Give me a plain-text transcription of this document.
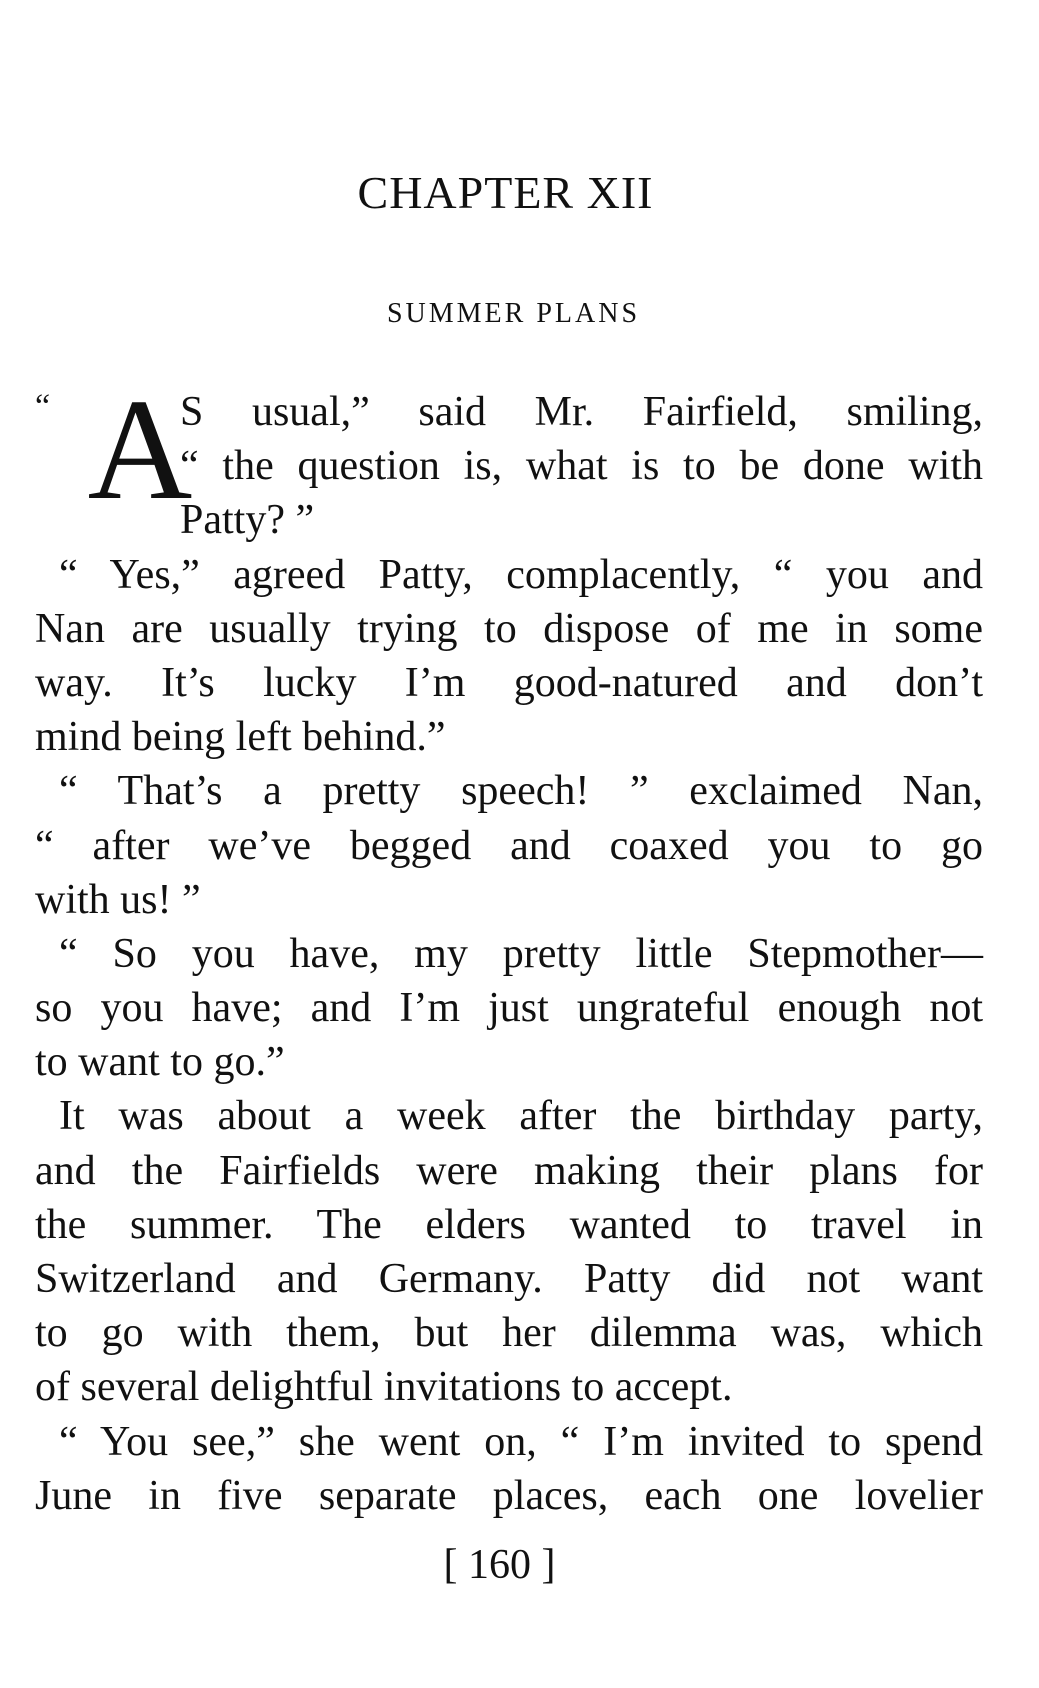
CHAPTER XII
SUMMER PLANS
“ A
S usual,” said Mr. Fairfield, smiling,
“ the question is, what is to be done with
Patty? ”
“ Yes,” agreed Patty, complacently, “ you and
Nan are usually trying to dispose of me in some
way. It’s lucky I’m good-natured and don’t
mind being left behind.”
“ That’s a pretty speech! ” exclaimed Nan,
“ after we’ve begged and coaxed you to go
with us! ”
“ So you have, my pretty little Stepmother—
so you have; and I’m just ungrateful enough not
to want to go.”
It was about a week after the birthday party,
and the Fairfields were making their plans for
the summer. The elders wanted to travel in
Switzerland and Germany. Patty did not want
to go with them, but her dilemma was, which
of several delightful invitations to accept.
“ You see,” she went on, “ I’m invited to spend
June in five separate places, each one lovelier
[ 160 ]
